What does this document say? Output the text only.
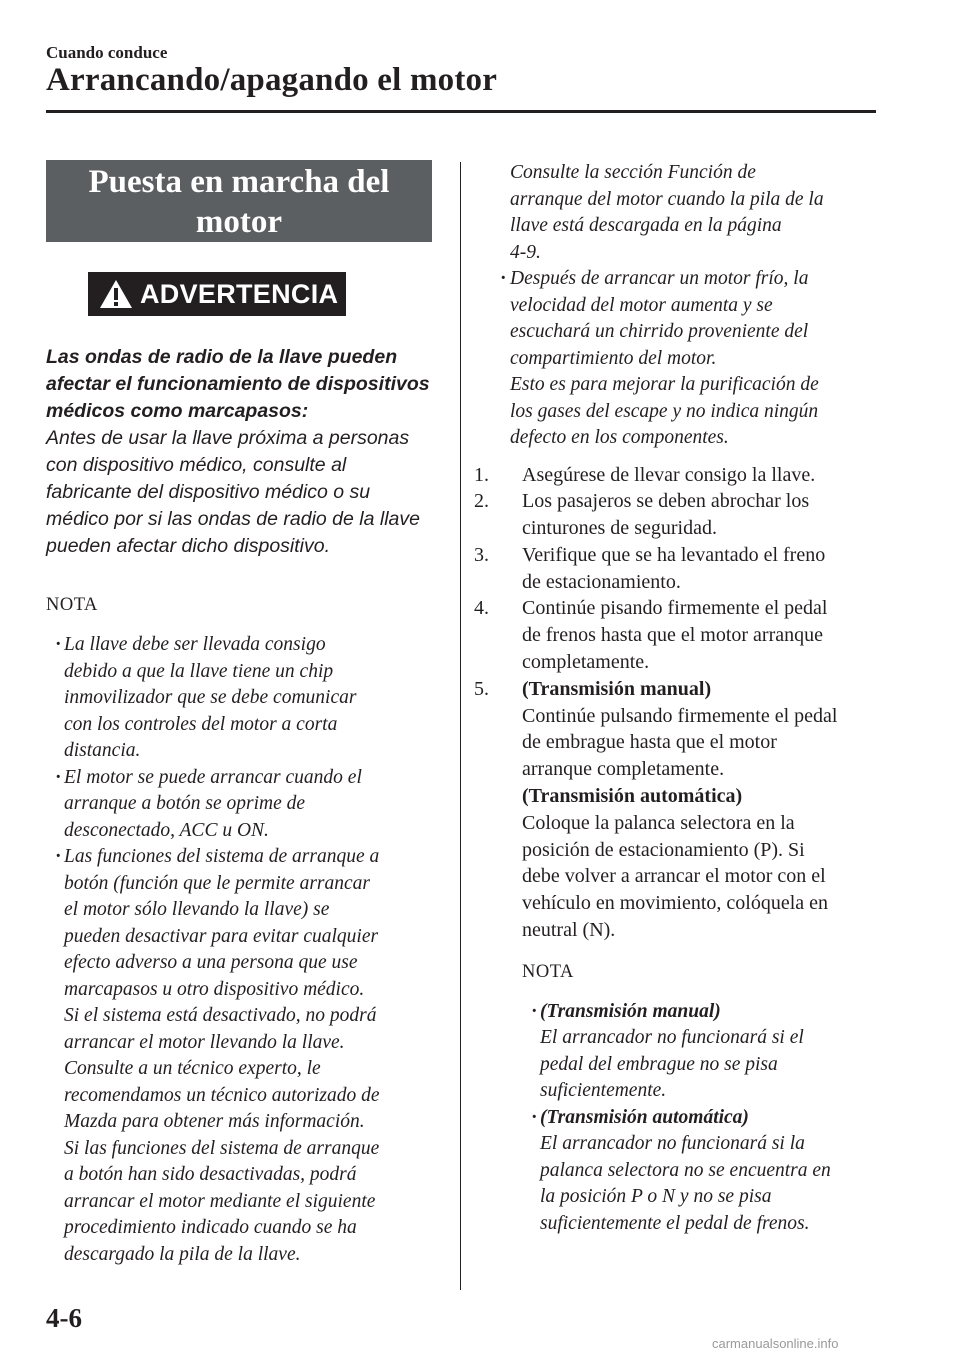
Cuando conduce
Arrancando/apagando el motor
Puesta en marcha del
motor
ADVERTENCIA
Las ondas de radio de la llave pueden
afectar el funcionamiento de dispositivos
médicos como marcapasos:
Antes de usar la llave próxima a personas
con dispositivo médico, consulte al
fabricante del dispositivo médico o su
médico por si las ondas de radio de la llave
pueden afectar dicho dispositivo.
NOTA
· La llave debe ser llevada consigo
debido a que la llave tiene un chip
inmovilizador que se debe comunicar
con los controles del motor a corta
distancia.
· El motor se puede arrancar cuando el
arranque a botón se oprime de
desconectado, ACC u ON.
· Las funciones del sistema de arranque a
botón (función que le permite arrancar
el motor sólo llevando la llave) se
pueden desactivar para evitar cualquier
efecto adverso a una persona que use
marcapasos u otro dispositivo médico.
Si el sistema está desactivado, no podrá
arrancar el motor llevando la llave.
Consulte a un técnico experto, le
recomendamos un técnico autorizado de
Mazda para obtener más información.
Si las funciones del sistema de arranque
a botón han sido desactivadas, podrá
arrancar el motor mediante el siguiente
procedimiento indicado cuando se ha
descargado la pila de la llave.
Consulte la sección Función de
arranque del motor cuando la pila de la
llave está descargada en la página
4-9.
· Después de arrancar un motor frío, la
velocidad del motor aumenta y se
escuchará un chirrido proveniente del
compartimiento del motor.
Esto es para mejorar la purificación de
los gases del escape y no indica ningún
defecto en los componentes.
1. Asegúrese de llevar consigo la llave.
2. Los pasajeros se deben abrochar los
cinturones de seguridad.
3. Verifique que se ha levantado el freno
de estacionamiento.
4. Continúe pisando firmemente el pedal
de frenos hasta que el motor arranque
completamente.
5. (Transmisión manual)
Continúe pulsando firmemente el pedal
de embrague hasta que el motor
arranque completamente.
(Transmisión automática)
Coloque la palanca selectora en la
posición de estacionamiento (P). Si
debe volver a arrancar el motor con el
vehículo en movimiento, colóquela en
neutral (N).
NOTA
· (Transmisión manual)
El arrancador no funcionará si el
pedal del embrague no se pisa
suficientemente.
· (Transmisión automática)
El arrancador no funcionará si la
palanca selectora no se encuentra en
la posición P o N y no se pisa
suficientemente el pedal de frenos.
4-6
carmanualsonline.info
